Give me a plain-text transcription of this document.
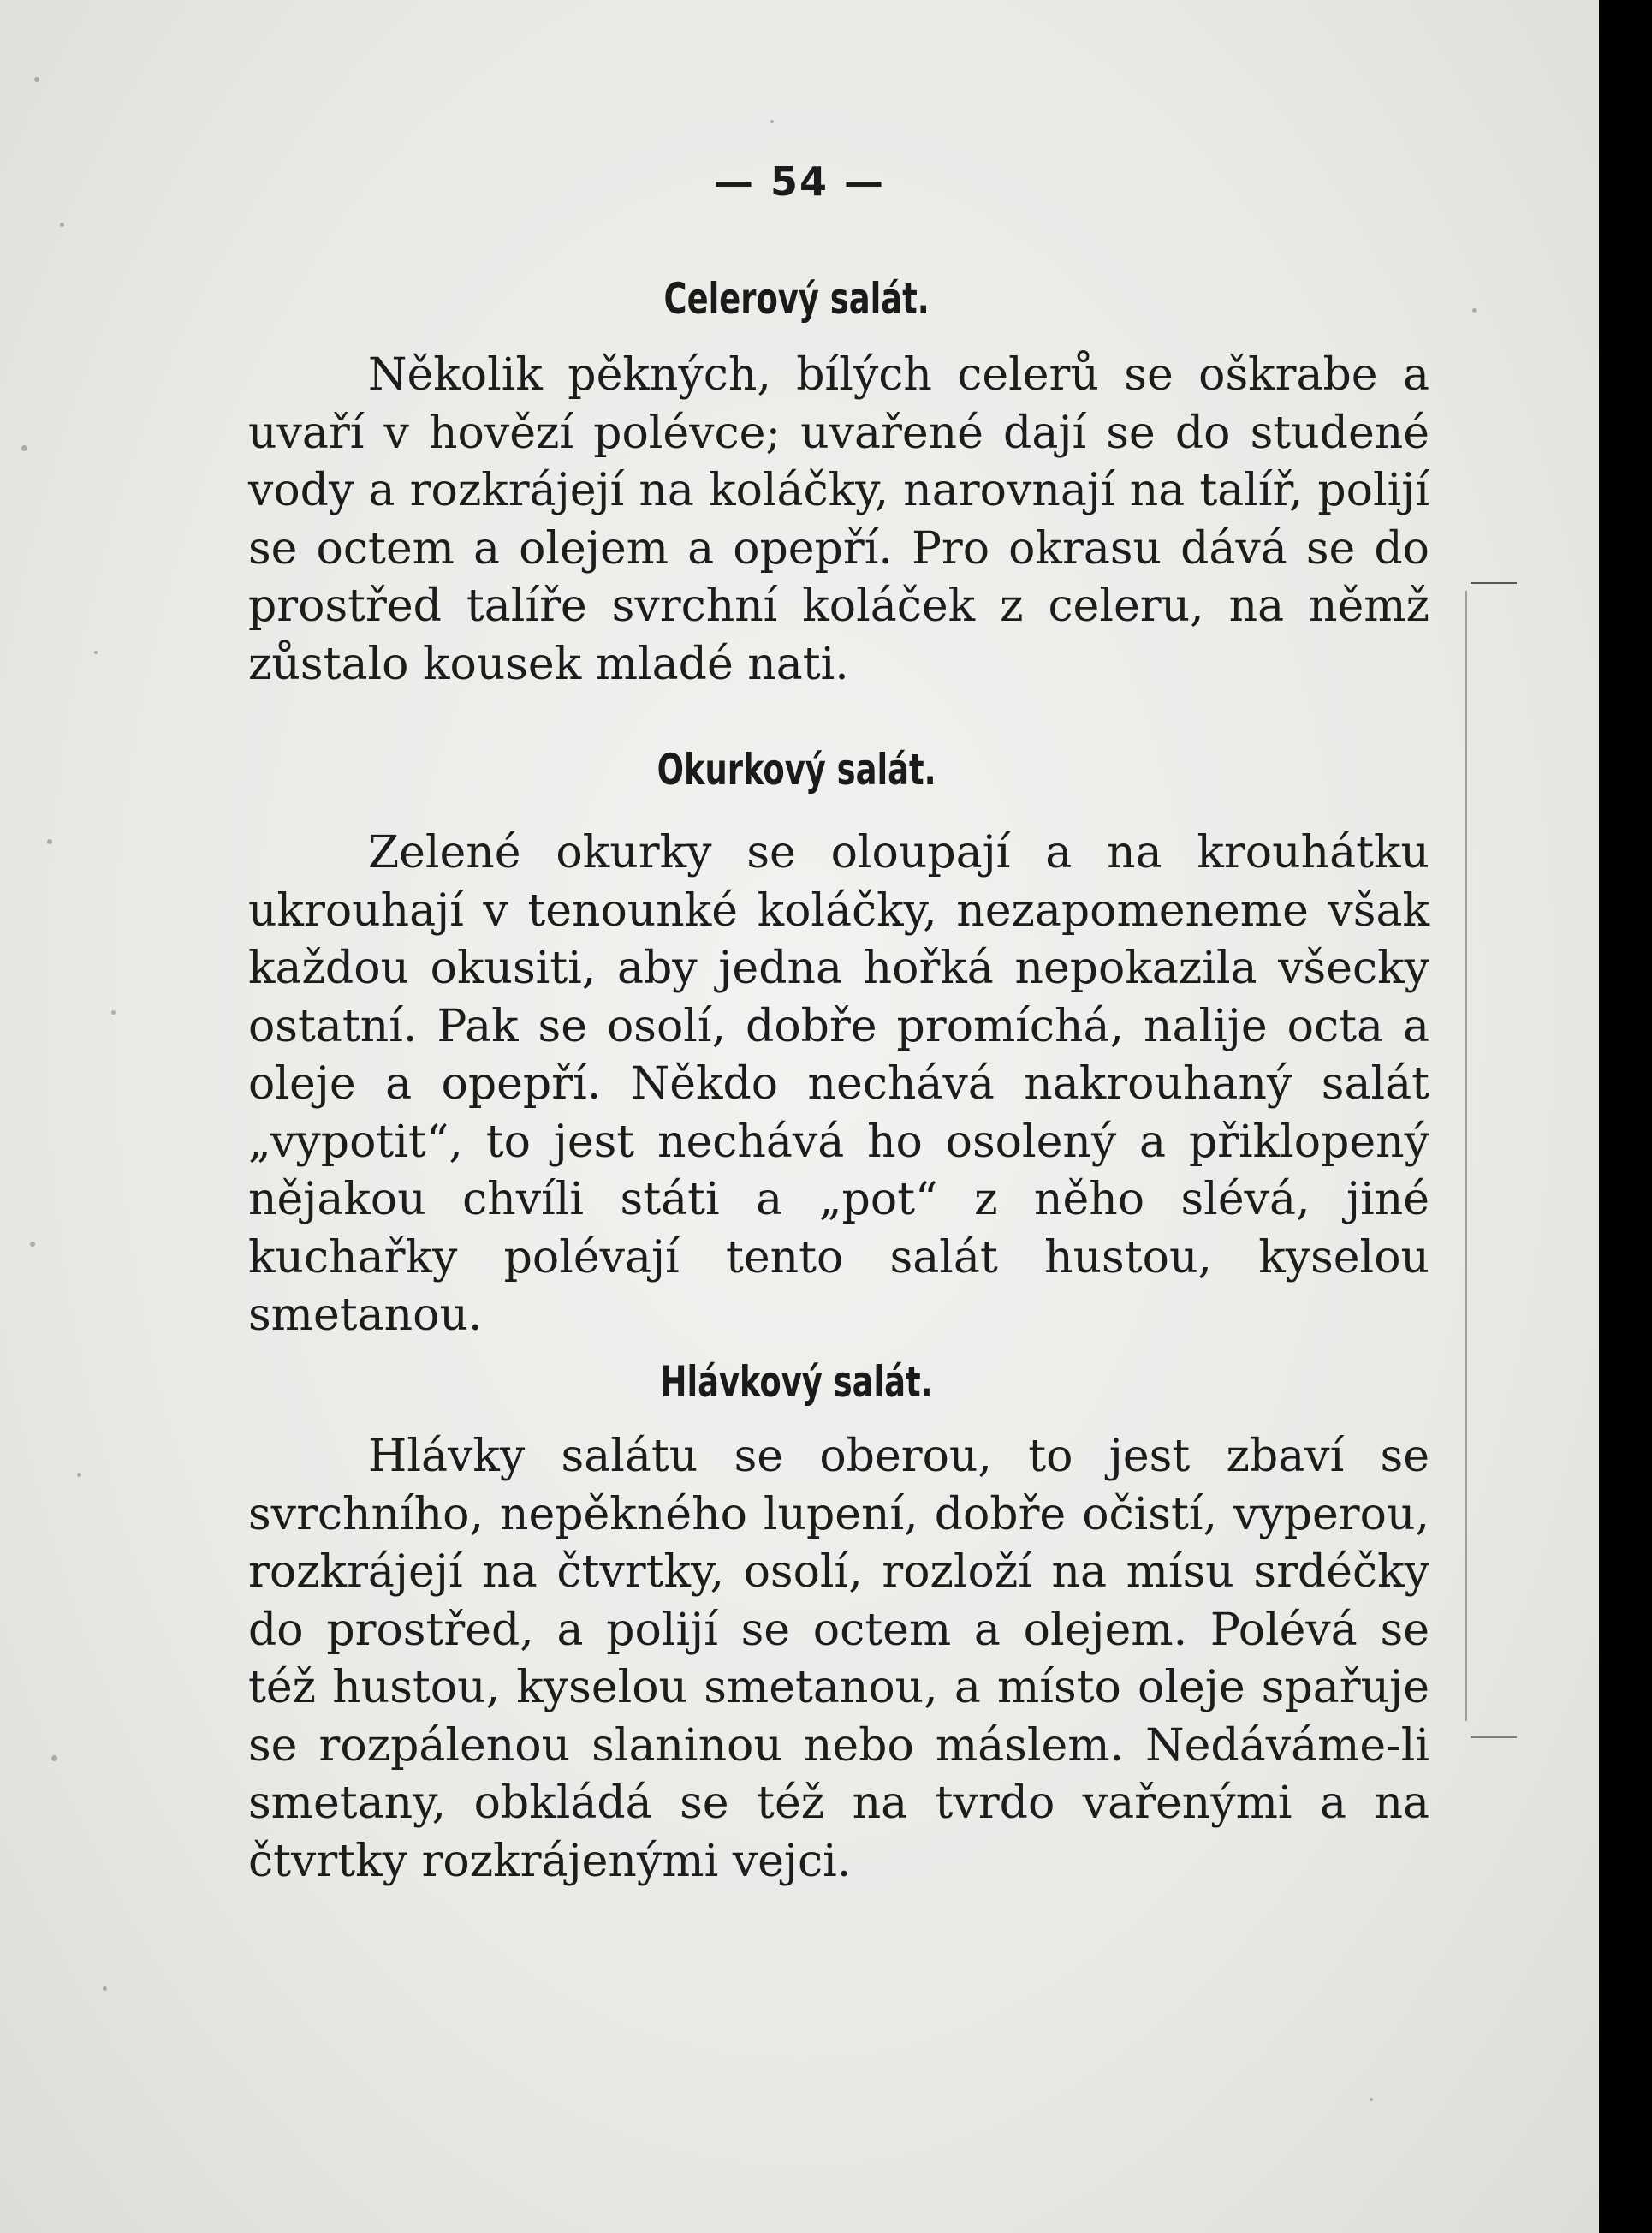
— 54 —
Celerový salát.

Několik pěkných, bílých celerů se oškrabe a uvaří v hovězí polévce; uvařené dají se do studené vody a rozkrájejí na koláčky, narovnají na talíř, polijí se octem a olejem a opepří. Pro okrasu dává se do prostřed talíře svrchní koláček z celeru, na němž zůstalo kousek mladé nati.

Okurkový salát.

Zelené okurky se oloupají a na krouhátku ukrouhají v tenounké koláčky, nezapomeneme však každou okusiti, aby jedna hořká nepokazila všecky ostatní. Pak se osolí, dobře promíchá, nalije octa a oleje a opepří. Někdo nechává nakrouhaný salát „vypotit“, to jest nechává ho osolený a přiklopený nějakou chvíli státi a „pot“ z něho slévá, jiné kuchařky polévají tento salát hustou, kyselou smetanou.

Hlávkový salát.

Hlávky salátu se oberou, to jest zbaví se svrchního, nepěkného lupení, dobře očistí, vyperou, rozkrájejí na čtvrtky, osolí, rozloží na mísu srdéčky do prostřed, a polijí se octem a olejem. Polévá se též hustou, kyselou smetanou, a místo oleje spařuje se rozpálenou slaninou nebo máslem. Nedáváme-li smetany, obkládá se též na tvrdo vařenými a na čtvrtky rozkrájenými vejci.
